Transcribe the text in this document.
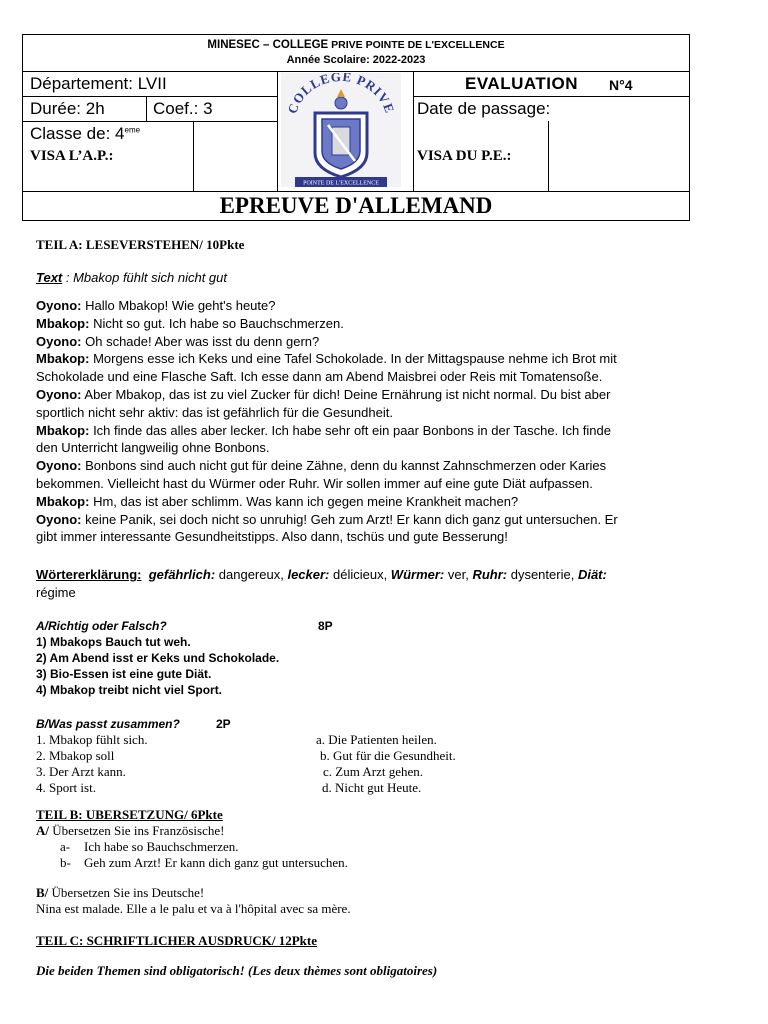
MINESEC – COLLEGE PRIVE POINTE DE L'EXCELLENCE
Année Scolaire: 2022-2023
Département: LVII
Durée: 2h	Coef.: 3
Classe de: 4eme
VISA L’A.P.:
EVALUATION N°4
Date de passage:
VISA DU P.E.:
EPREUVE D'ALLEMAND
COLLEGE PRIVE
POINTE DE L'EXCELLENCE
TEIL A: LESEVERSTEHEN/ 10Pkte
Text : Mbakop fühlt sich nicht gut
Oyono: Hallo Mbakop! Wie geht's heute?
Mbakop: Nicht so gut. Ich habe so Bauchschmerzen.
Oyono: Oh schade! Aber was isst du denn gern?
Mbakop: Morgens esse ich Keks und eine Tafel Schokolade. In der Mittagspause nehme ich Brot mit
Schokolade und eine Flasche Saft. Ich esse dann am Abend Maisbrei oder Reis mit Tomatensoße.
Oyono: Aber Mbakop, das ist zu viel Zucker für dich! Deine Ernährung ist nicht normal. Du bist aber
sportlich nicht sehr aktiv: das ist gefährlich für die Gesundheit.
Mbakop: Ich finde das alles aber lecker. Ich habe sehr oft ein paar Bonbons in der Tasche. Ich finde
den Unterricht langweilig ohne Bonbons.
Oyono: Bonbons sind auch nicht gut für deine Zähne, denn du kannst Zahnschmerzen oder Karies
bekommen. Vielleicht hast du Würmer oder Ruhr. Wir sollen immer auf eine gute Diät aufpassen.
Mbakop: Hm, das ist aber schlimm. Was kann ich gegen meine Krankheit machen?
Oyono: keine Panik, sei doch nicht so unruhig! Geh zum Arzt! Er kann dich ganz gut untersuchen. Er
gibt immer interessante Gesundheitstipps. Also dann, tschüs und gute Besserung!
Wörtererklärung: gefährlich: dangereux, lecker: délicieux, Würmer: ver, Ruhr: dysenterie, Diät:
régime
A/Richtig oder Falsch?	8P
1) Mbakops Bauch tut weh.
2) Am Abend isst er Keks und Schokolade.
3) Bio-Essen ist eine gute Diät.
4) Mbakop treibt nicht viel Sport.
B/Was passt zusammen?	2P
1. Mbakop fühlt sich.
2. Mbakop soll
3. Der Arzt kann.
4. Sport ist.
a. Die Patienten heilen.
b. Gut für die Gesundheit.
c. Zum Arzt gehen.
d. Nicht gut Heute.
TEIL B: UBERSETZUNG/ 6Pkte
A/ Übersetzen Sie ins Französische!
a- Ich habe so Bauchschmerzen.
b- Geh zum Arzt! Er kann dich ganz gut untersuchen.
B/ Übersetzen Sie ins Deutsche!
Nina est malade. Elle a le palu et va à l'hôpital avec sa mère.
TEIL C: SCHRIFTLICHER AUSDRUCK/ 12Pkte
Die beiden Themen sind obligatorisch! (Les deux thèmes sont obligatoires)
